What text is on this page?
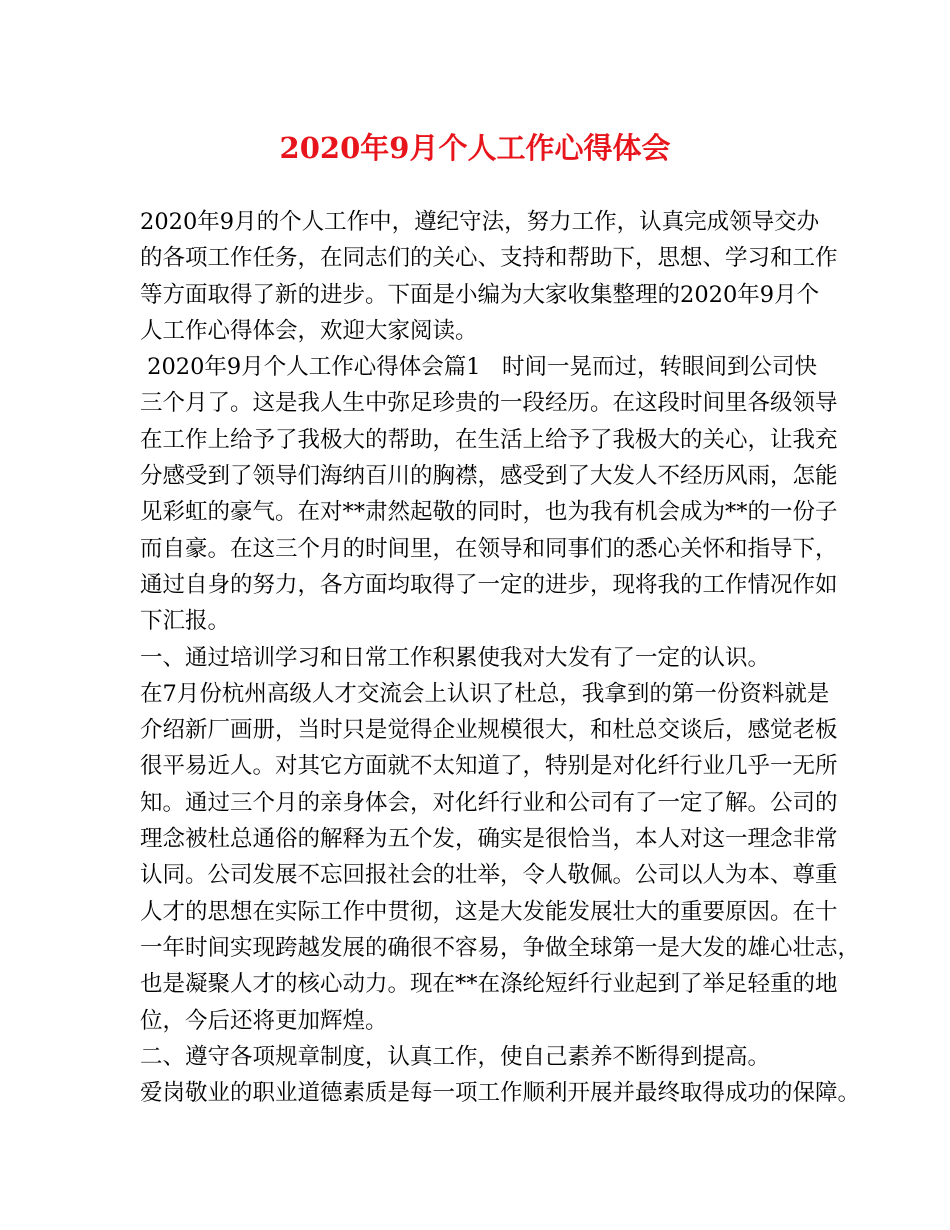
2020年9月个人工作心得体会
2020年9月的个人工作中，遵纪守法，努力工作，认真完成领导交办
的各项工作任务，在同志们的关心、支持和帮助下，思想、学习和工作
等方面取得了新的进步。下面是小编为大家收集整理的2020年9月个
人工作心得体会，欢迎大家阅读。
2020年9月个人工作心得体会篇1   时间一晃而过，转眼间到公司快
三个月了。这是我人生中弥足珍贵的一段经历。在这段时间里各级领导
在工作上给予了我极大的帮助，在生活上给予了我极大的关心，让我充
分感受到了领导们海纳百川的胸襟，感受到了大发人不经历风雨，怎能
见彩虹的豪气。在对**肃然起敬的同时，也为我有机会成为**的一份子
而自豪。在这三个月的时间里，在领导和同事们的悉心关怀和指导下，
通过自身的努力，各方面均取得了一定的进步，现将我的工作情况作如
下汇报。
一、通过培训学习和日常工作积累使我对大发有了一定的认识。
在7月份杭州高级人才交流会上认识了杜总，我拿到的第一份资料就是
介绍新厂画册，当时只是觉得企业规模很大，和杜总交谈后，感觉老板
很平易近人。对其它方面就不太知道了，特别是对化纤行业几乎一无所
知。通过三个月的亲身体会，对化纤行业和公司有了一定了解。公司的
理念被杜总通俗的解释为五个发，确实是很恰当，本人对这一理念非常
认同。公司发展不忘回报社会的壮举，令人敬佩。公司以人为本、尊重
人才的思想在实际工作中贯彻，这是大发能发展壮大的重要原因。在十
一年时间实现跨越发展的确很不容易，争做全球第一是大发的雄心壮志，
也是凝聚人才的核心动力。现在**在涤纶短纤行业起到了举足轻重的地
位，今后还将更加辉煌。
二、遵守各项规章制度，认真工作，使自己素养不断得到提高。
爱岗敬业的职业道德素质是每一项工作顺利开展并最终取得成功的保障。
